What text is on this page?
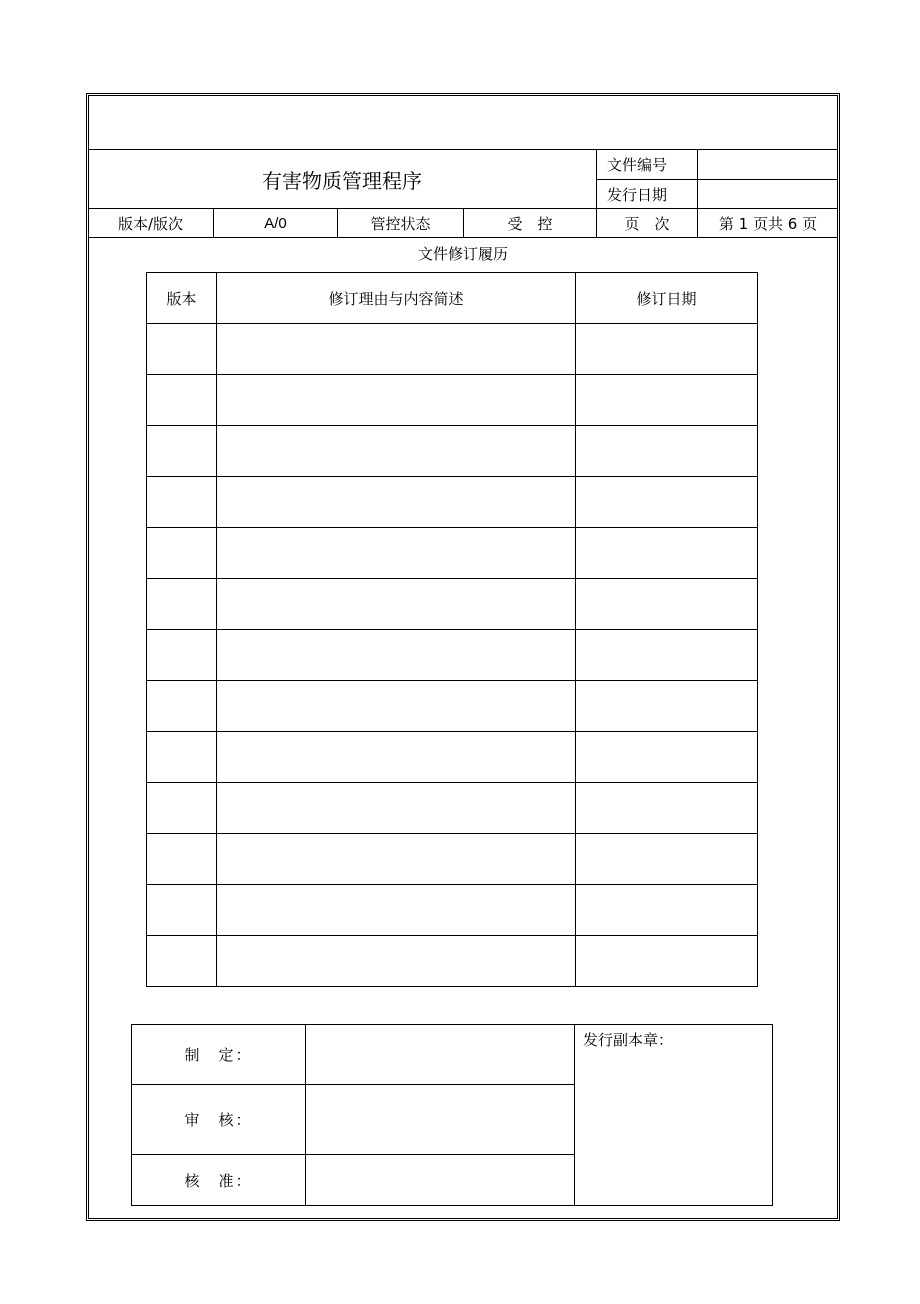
有害物质管理程序
文件编号
发行日期
版本/版次	A/0	管控状态	受　控	页　次	第 1 页共 6 页
文件修订履历
版本	修订理由与内容简述	修订日期

制　定：		发行副本章：
审　核：		
核　准：		
